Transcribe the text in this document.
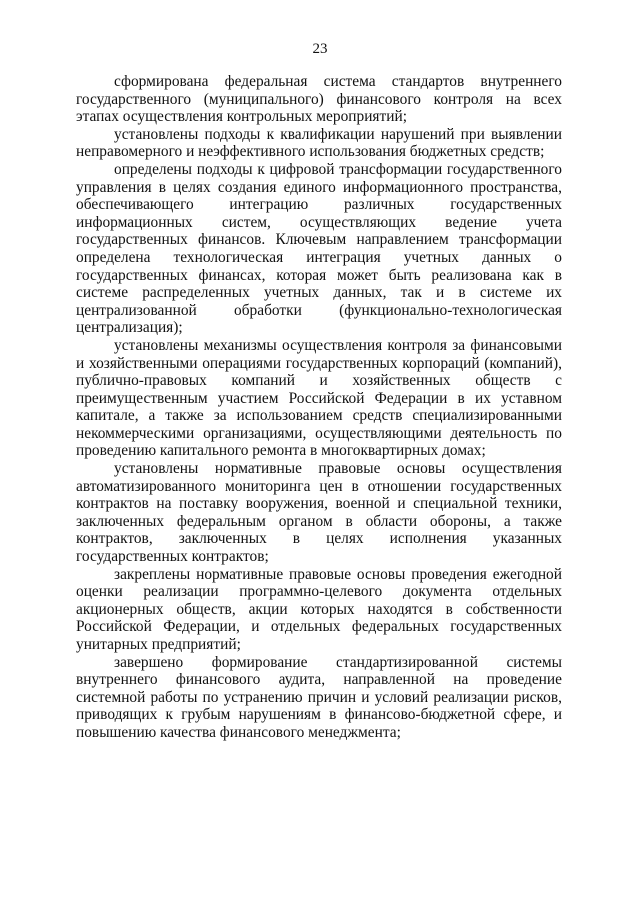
23

сформирована федеральная система стандартов внутреннего государственного (муниципального) финансового контроля на всех этапах осуществления контрольных мероприятий;

установлены подходы к квалификации нарушений при выявлении неправомерного и неэффективного использования бюджетных средств;

определены подходы к цифровой трансформации государственного управления в целях создания единого информационного пространства, обеспечивающего интеграцию различных государственных информационных систем, осуществляющих ведение учета государственных финансов. Ключевым направлением трансформации определена технологическая интеграция учетных данных о государственных финансах, которая может быть реализована как в системе распределенных учетных данных, так и в системе их централизованной обработки (функционально-технологическая централизация);

установлены механизмы осуществления контроля за финансовыми и хозяйственными операциями государственных корпораций (компаний), публично-правовых компаний и хозяйственных обществ с преимущественным участием Российской Федерации в их уставном капитале, а также за использованием средств специализированными некоммерческими организациями, осуществляющими деятельность по проведению капитального ремонта в многоквартирных домах;

установлены нормативные правовые основы осуществления автоматизированного мониторинга цен в отношении государственных контрактов на поставку вооружения, военной и специальной техники, заключенных федеральным органом в области обороны, а также контрактов, заключенных в целях исполнения указанных государственных контрактов;

закреплены нормативные правовые основы проведения ежегодной оценки реализации программно-целевого документа отдельных акционерных обществ, акции которых находятся в собственности Российской Федерации, и отдельных федеральных государственных унитарных предприятий;

завершено формирование стандартизированной системы внутреннего финансового аудита, направленной на проведение системной работы по устранению причин и условий реализации рисков, приводящих к грубым нарушениям в финансово-бюджетной сфере, и повышению качества финансового менеджмента;
